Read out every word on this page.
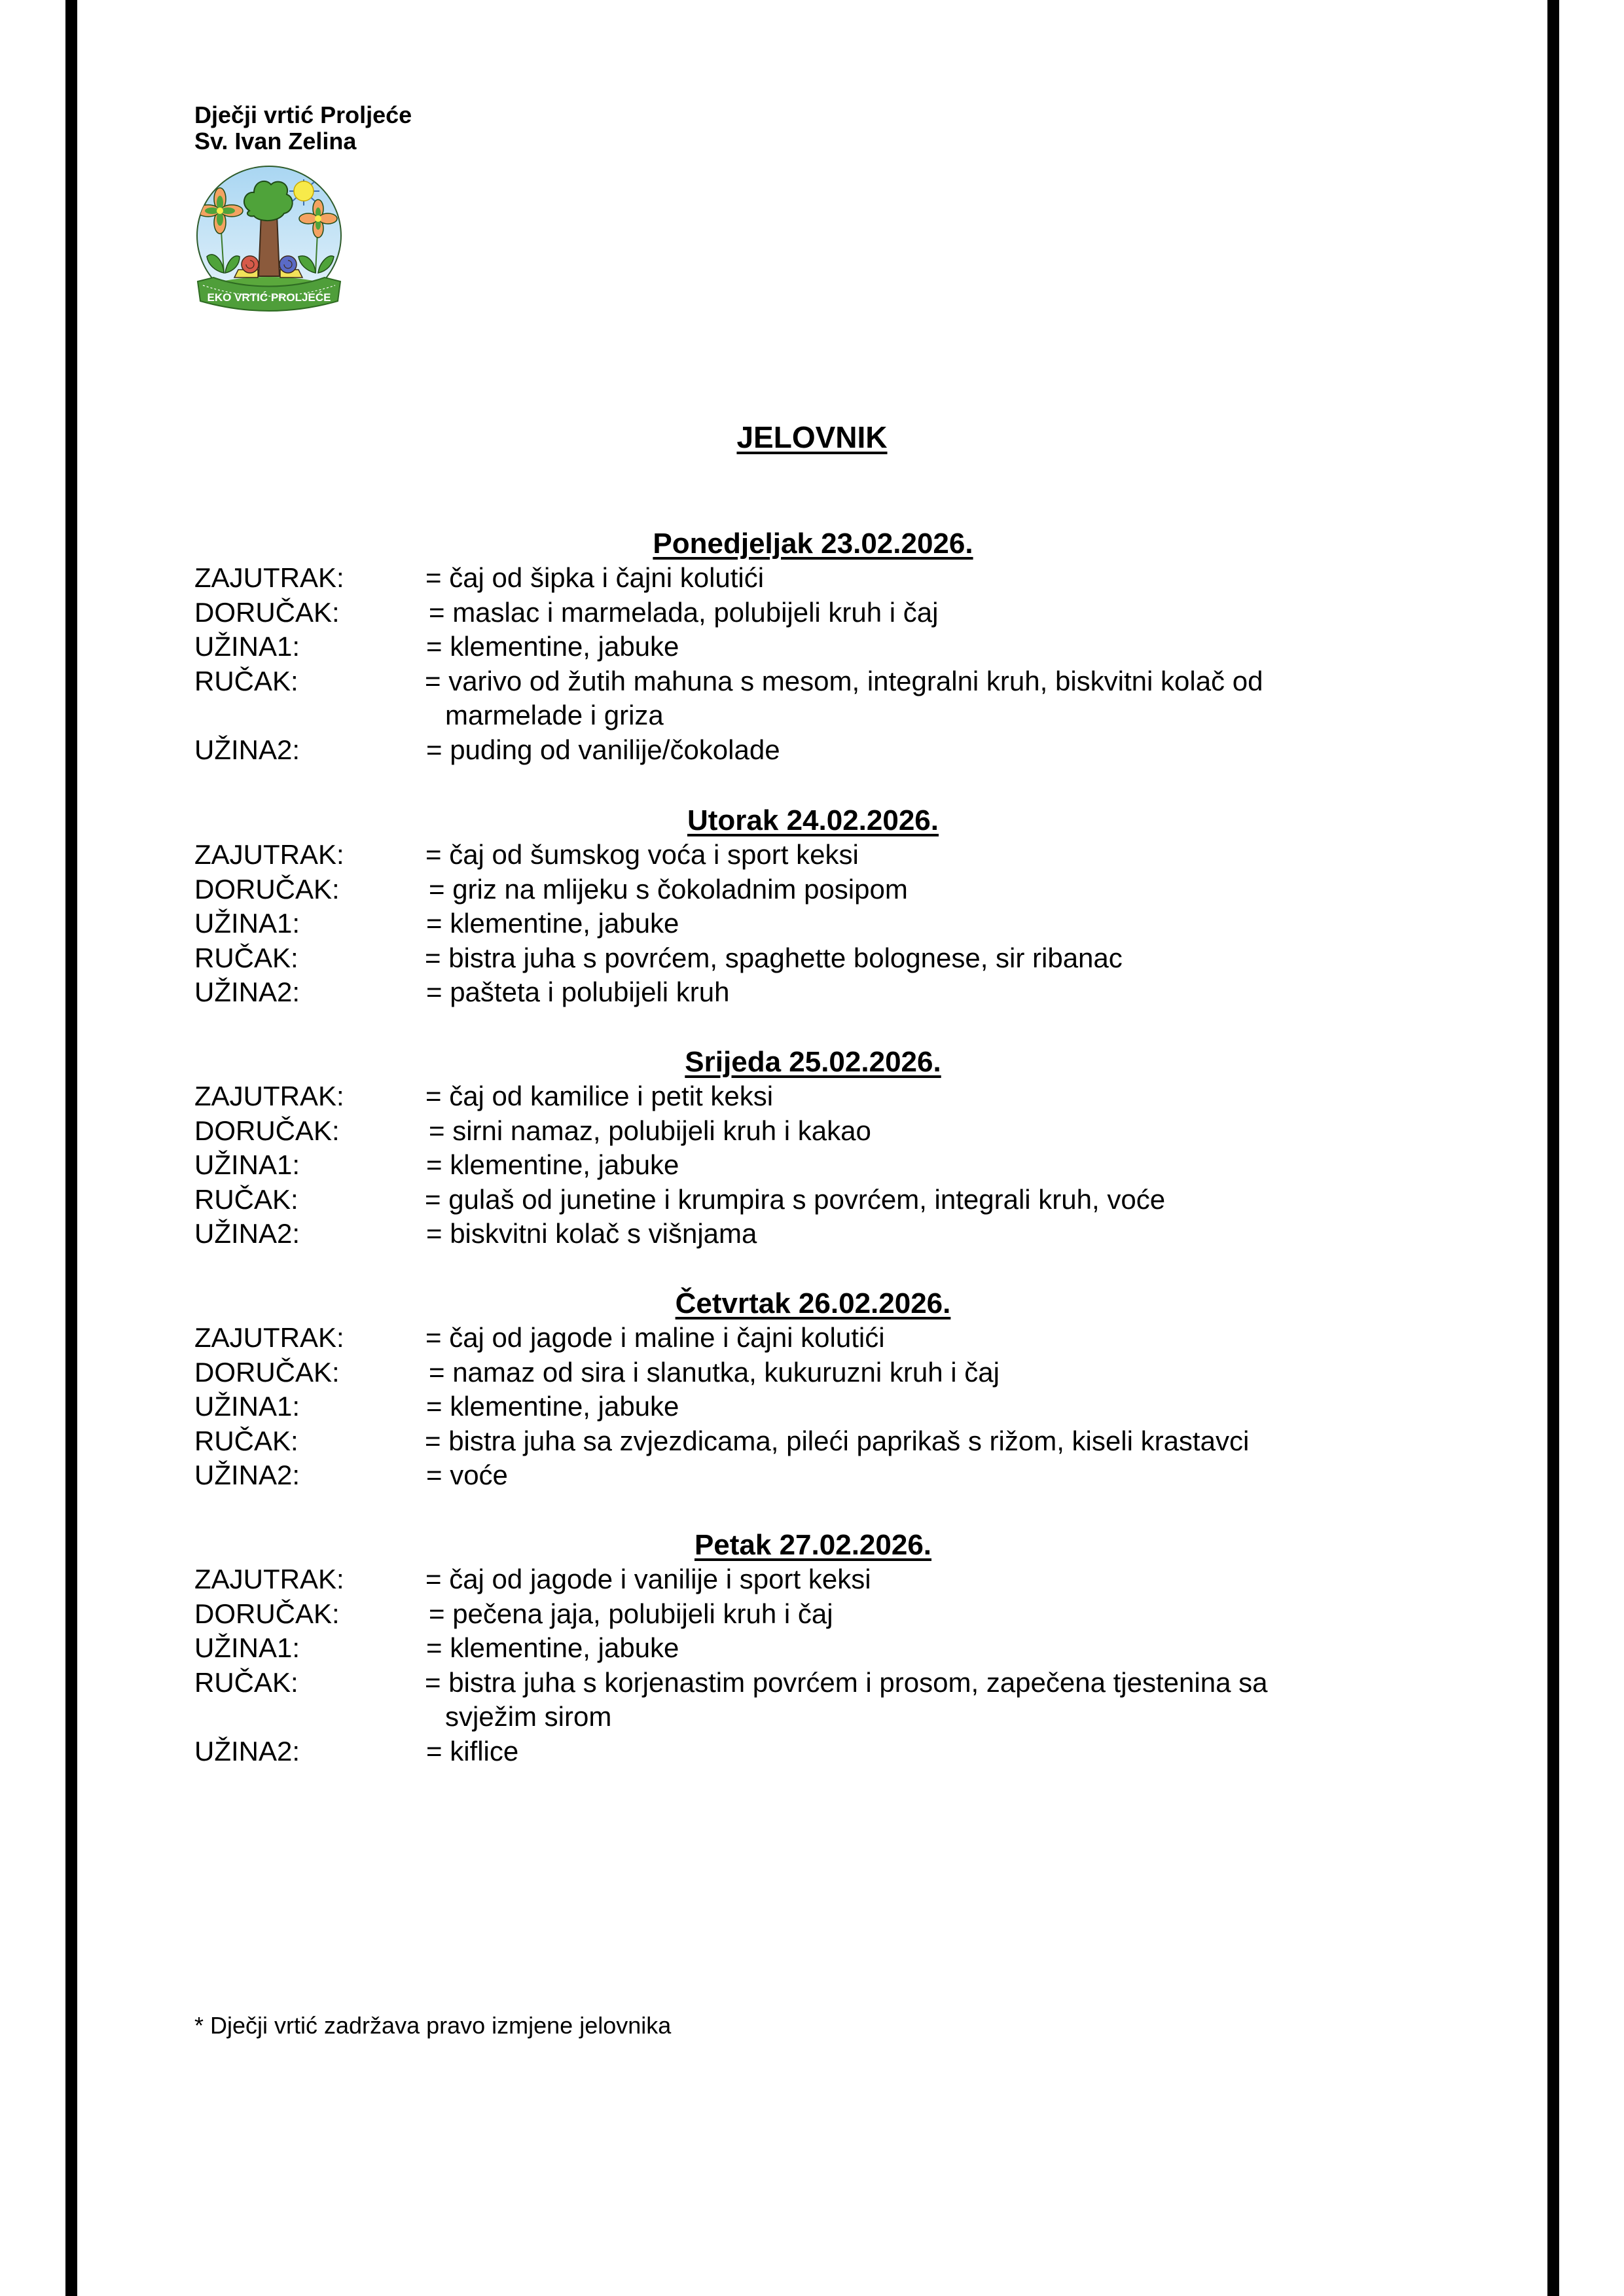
Dječji vrtić Proljeće
Sv. Ivan Zelina
EKO VRTIĆ PROLJEĆE
JELOVNIK
Ponedjeljak 23.02.2026.
ZAJUTRAK:	= čaj od šipka i čajni kolutići
DORUČAK:	= maslac i marmelada, polubijeli kruh i čaj
UŽINA1:	= klementine, jabuke
RUČAK:	= varivo od žutih mahuna s mesom, integralni kruh, biskvitni kolač od
marmelade i griza
UŽINA2:	= puding od vanilije/čokolade
Utorak 24.02.2026.
ZAJUTRAK:	= čaj od šumskog voća i sport keksi
DORUČAK:	= griz na mlijeku s čokoladnim posipom
UŽINA1:	= klementine, jabuke
RUČAK:	= bistra juha s povrćem, spaghette bolognese, sir ribanac
UŽINA2:	= pašteta i polubijeli kruh
Srijeda 25.02.2026.
ZAJUTRAK:	= čaj od kamilice i petit keksi
DORUČAK:	= sirni namaz, polubijeli kruh i kakao
UŽINA1:	= klementine, jabuke
RUČAK:	= gulaš od junetine i krumpira s povrćem, integrali kruh, voće
UŽINA2:	= biskvitni kolač s višnjama
Četvrtak 26.02.2026.
ZAJUTRAK:	= čaj od jagode i maline i čajni kolutići
DORUČAK:	= namaz od sira i slanutka, kukuruzni kruh i čaj
UŽINA1:	= klementine, jabuke
RUČAK:	= bistra juha sa zvjezdicama, pileći paprikaš s rižom, kiseli krastavci
UŽINA2:	= voće
Petak 27.02.2026.
ZAJUTRAK:	= čaj od jagode i vanilije i sport keksi
DORUČAK:	= pečena jaja, polubijeli kruh i čaj
UŽINA1:	= klementine, jabuke
RUČAK:	= bistra juha s korjenastim povrćem i prosom, zapečena tjestenina sa
svježim sirom
UŽINA2:	= kiflice
* Dječji vrtić zadržava pravo izmjene jelovnika
